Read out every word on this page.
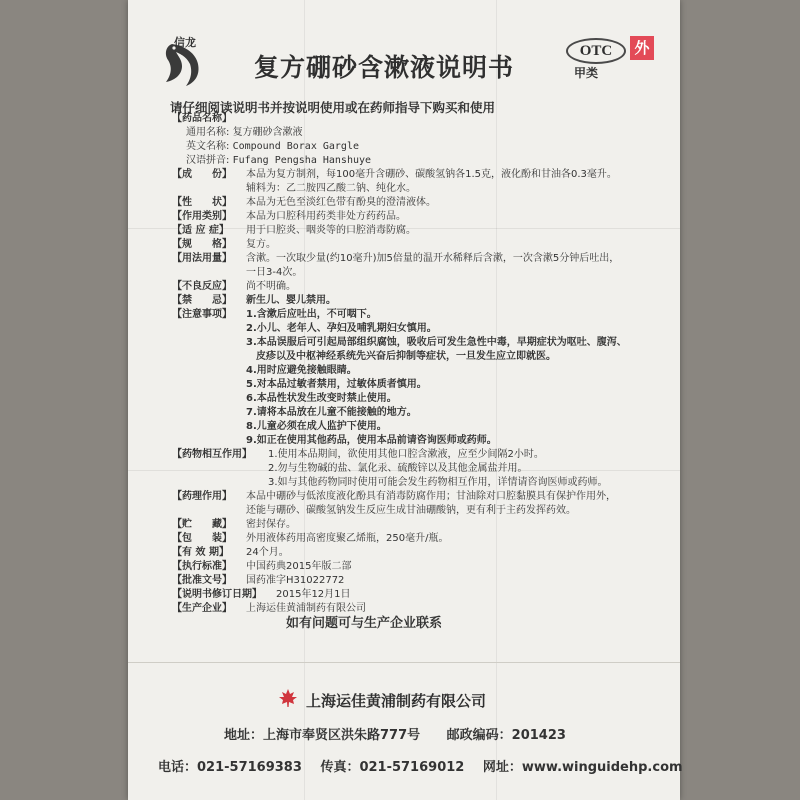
信龙
复方硼砂含漱液说明书
OTC	外
甲类
请仔细阅读说明书并按说明使用或在药师指导下购买和使用
【药品名称】
通用名称: 复方硼砂含漱液
英文名称: Compound Borax Gargle
汉语拼音: Fufang Pengsha Hanshuye
【成　　份】	本品为复方制剂，每100毫升含硼砂、碳酸氢钠各1.5克，液化酚和甘油各0.3毫升。
辅料为：乙二胺四乙酸二钠、纯化水。
【性　　状】	本品为无色至淡红色带有酚臭的澄清液体。
【作用类别】	本品为口腔科用药类非处方药药品。
【适 应 症】	用于口腔炎、咽炎等的口腔消毒防腐。
【规　　格】	复方。
【用法用量】	含漱。一次取少量(约10毫升)加5倍量的温开水稀释后含漱，一次含漱5分钟后吐出，
一日3-4次。
【不良反应】	尚不明确。
【禁　　忌】	新生儿、婴儿禁用。
【注意事项】	1.含漱后应吐出，不可咽下。
2.小儿、老年人、孕妇及哺乳期妇女慎用。
3.本品误服后可引起局部组织腐蚀，吸收后可发生急性中毒，早期症状为呕吐、腹泻、
皮疹以及中枢神经系统先兴奋后抑制等症状，一旦发生应立即就医。
4.用时应避免接触眼睛。
5.对本品过敏者禁用，过敏体质者慎用。
6.本品性状发生改变时禁止使用。
7.请将本品放在儿童不能接触的地方。
8.儿童必须在成人监护下使用。
9.如正在使用其他药品，使用本品前请咨询医师或药师。
【药物相互作用】	1.使用本品期间，欲使用其他口腔含漱液，应至少间隔2小时。
2.勿与生物碱的盐、氯化汞、硫酸锌以及其他金属盐并用。
3.如与其他药物同时使用可能会发生药物相互作用，详情请咨询医师或药师。
【药理作用】	本品中硼砂与低浓度液化酚具有消毒防腐作用；甘油除对口腔黏膜具有保护作用外，
还能与硼砂、碳酸氢钠发生反应生成甘油硼酸钠，更有利于主药发挥药效。
【贮　　藏】	密封保存。
【包　　装】	外用液体药用高密度聚乙烯瓶，250毫升/瓶。
【有 效 期】	24个月。
【执行标准】	中国药典2015年版二部
【批准文号】	国药准字H31022772
【说明书修订日期】	2015年12月1日
【生产企业】	上海运佳黄浦制药有限公司
如有问题可与生产企业联系
上海运佳黄浦制药有限公司
地址：上海市奉贤区洪朱路777号 邮政编码：201423
电话：021-57169383 传真：021-57169012 网址：www.winguidehp.com
